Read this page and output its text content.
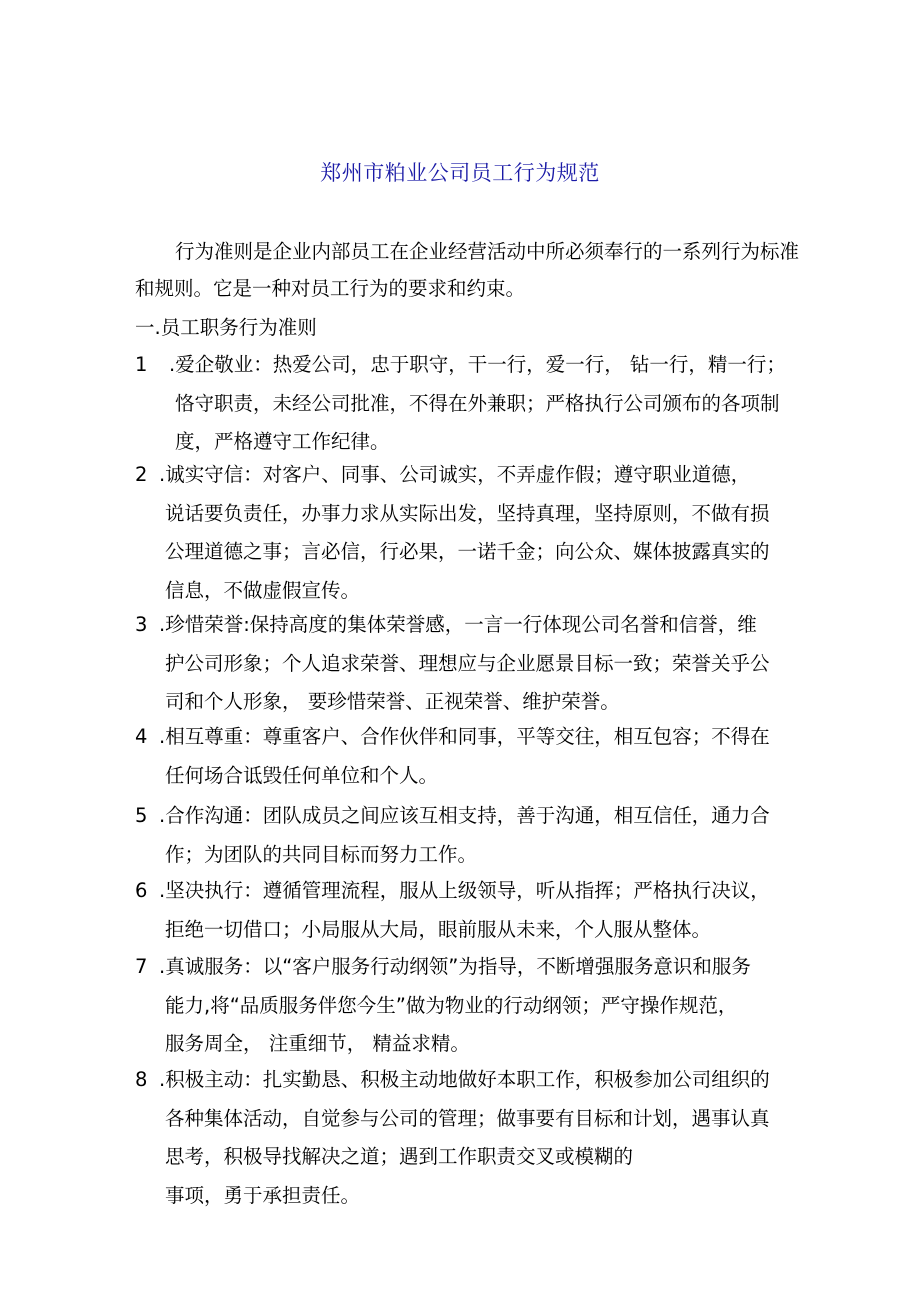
郑州市粕业公司员工行为规范

行为准则是企业内部员工在企业经营活动中所必须奉行的一系列行为标准和规则。它是一种对员工行为的要求和约束。

一.员工职务行为准则

1	.爱企敬业：热爱公司，忠于职守，干一行，爱一行， 钻一行，精一行；
恪守职责，未经公司批准，不得在外兼职；严格执行公司颁布的各项制
度，严格遵守工作纪律。
2 .诚实守信：对客户、同事、公司诚实，不弄虚作假；遵守职业道德，
说话要负责任，办事力求从实际出发，坚持真理，坚持原则，不做有损
公理道德之事；言必信，行必果，一诺千金；向公众、媒体披露真实的
信息，不做虚假宣传。
3 .珍惜荣誉:保持高度的集体荣誉感，一言一行体现公司名誉和信誉，维
护公司形象；个人追求荣誉、理想应与企业愿景目标一致；荣誉关乎公
司和个人形象， 要珍惜荣誉、正视荣誉、维护荣誉。
4 .相互尊重：尊重客户、合作伙伴和同事，平等交往，相互包容；不得在
任何场合诋毁任何单位和个人。
5 .合作沟通：团队成员之间应该互相支持，善于沟通，相互信任，通力合
作；为团队的共同目标而努力工作。
6 .坚决执行：遵循管理流程，服从上级领导，听从指挥；严格执行决议，
拒绝一切借口；小局服从大局，眼前服从未来，个人服从整体。
7 .真诚服务：以“客户服务行动纲领”为指导，不断增强服务意识和服务
能力,将“品质服务伴您今生”做为物业的行动纲领；严守操作规范，
服务周全， 注重细节， 精益求精。
8 .积极主动：扎实勤恳、积极主动地做好本职工作，积极参加公司组织的
各种集体活动，自觉参与公司的管理；做事要有目标和计划，遇事认真
思考，积极导找解决之道；遇到工作职责交叉或模糊的
事项，勇于承担责任。
